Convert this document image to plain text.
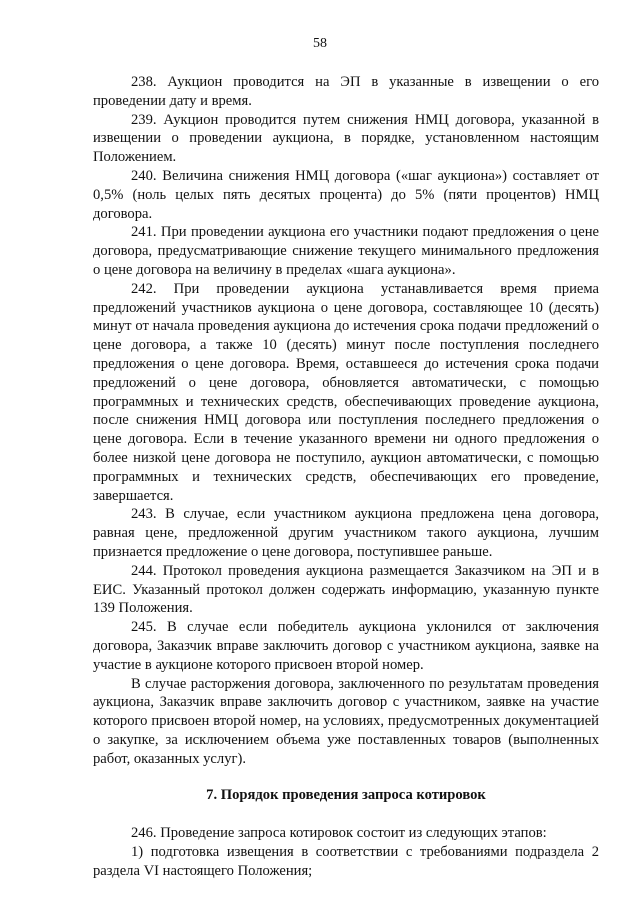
58

238. Аукцион проводится на ЭП в указанные в извещении о его проведении дату и время.

239. Аукцион проводится путем снижения НМЦ договора, указанной в извещении о проведении аукциона, в порядке, установленном настоящим Положением.

240. Величина снижения НМЦ договора («шаг аукциона») составляет от 0,5% (ноль целых пять десятых процента) до 5% (пяти процентов) НМЦ договора.

241. При проведении аукциона его участники подают предложения о цене договора, предусматривающие снижение текущего минимального предложения о цене договора на величину в пределах «шага аукциона».

242. При проведении аукциона устанавливается время приема предложений участников аукциона о цене договора, составляющее 10 (десять) минут от начала проведения аукциона до истечения срока подачи предложений о цене договора, а также 10 (десять) минут после поступления последнего предложения о цене договора. Время, оставшееся до истечения срока подачи предложений о цене договора, обновляется автоматически, с помощью программных и технических средств, обеспечивающих проведение аукциона, после снижения НМЦ договора или поступления последнего предложения о цене договора. Если в течение указанного времени ни одного предложения о более низкой цене договора не поступило, аукцион автоматически, с помощью программных и технических средств, обеспечивающих его проведение, завершается.

243. В случае, если участником аукциона предложена цена договора, равная цене, предложенной другим участником такого аукциона, лучшим признается предложение о цене договора, поступившее раньше.

244. Протокол проведения аукциона размещается Заказчиком на ЭП и в ЕИС. Указанный протокол должен содержать информацию, указанную пункте 139 Положения.

245. В случае если победитель аукциона уклонился от заключения договора, Заказчик вправе заключить договор с участником аукциона, заявке на участие в аукционе которого присвоен второй номер.

В случае расторжения договора, заключенного по результатам проведения аукциона, Заказчик вправе заключить договор с участником, заявке на участие которого присвоен второй номер, на условиях, предусмотренных документацией о закупке, за исключением объема уже поставленных товаров (выполненных работ, оказанных услуг).

7. Порядок проведения запроса котировок

246. Проведение запроса котировок состоит из следующих этапов:

1) подготовка извещения в соответствии с требованиями подраздела 2 раздела VI настоящего Положения;
